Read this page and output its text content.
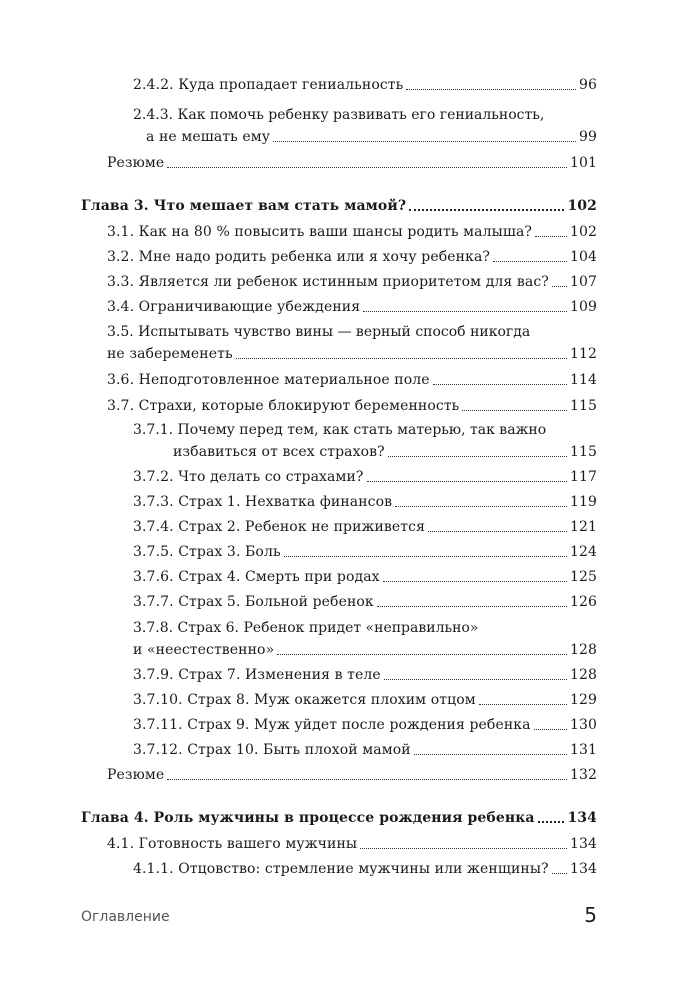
2.4.2. Куда пропадает гениальность	96
2.4.3. Как помочь ребенку развивать его гениальность,
а не мешать ему	99
Резюме	101
Глава 3. Что мешает вам стать мамой?	102
3.1. Как на 80 % повысить ваши шансы родить малыша?	102
3.2. Мне надо родить ребенка или я хочу ребенка?	104
3.3. Является ли ребенок истинным приоритетом для вас? 107
3.4. Ограничивающие убеждения	109
3.5. Испытывать чувство вины — верный способ никогда
не забеременеть	112
3.6. Неподготовленное материальное поле	114
3.7. Страхи, которые блокируют беременность	115
3.7.1. Почему перед тем, как стать матерью, так важно
избавиться от всех страхов?	115
3.7.2. Что делать со страхами?	117
3.7.3. Страх 1. Нехватка финансов	119
3.7.4. Страх 2. Ребенок не приживется	121
3.7.5. Страх 3. Боль	124
3.7.6. Страх 4. Смерть при родах	125
3.7.7. Страх 5. Больной ребенок	126
3.7.8. Страх 6. Ребенок придет «неправильно»
и «неестественно»	128
3.7.9. Страх 7. Изменения в теле	128
3.7.10. Страх 8. Муж окажется плохим отцом	129
3.7.11. Страх 9. Муж уйдет после рождения ребенка	130
3.7.12. Страх 10. Быть плохой мамой	131
Резюме	132
Глава 4. Роль мужчины в процессе рождения ребенка 134
4.1. Готовность вашего мужчины	134
4.1.1. Отцовство: стремление мужчины или женщины? 134
Оглавление	5
